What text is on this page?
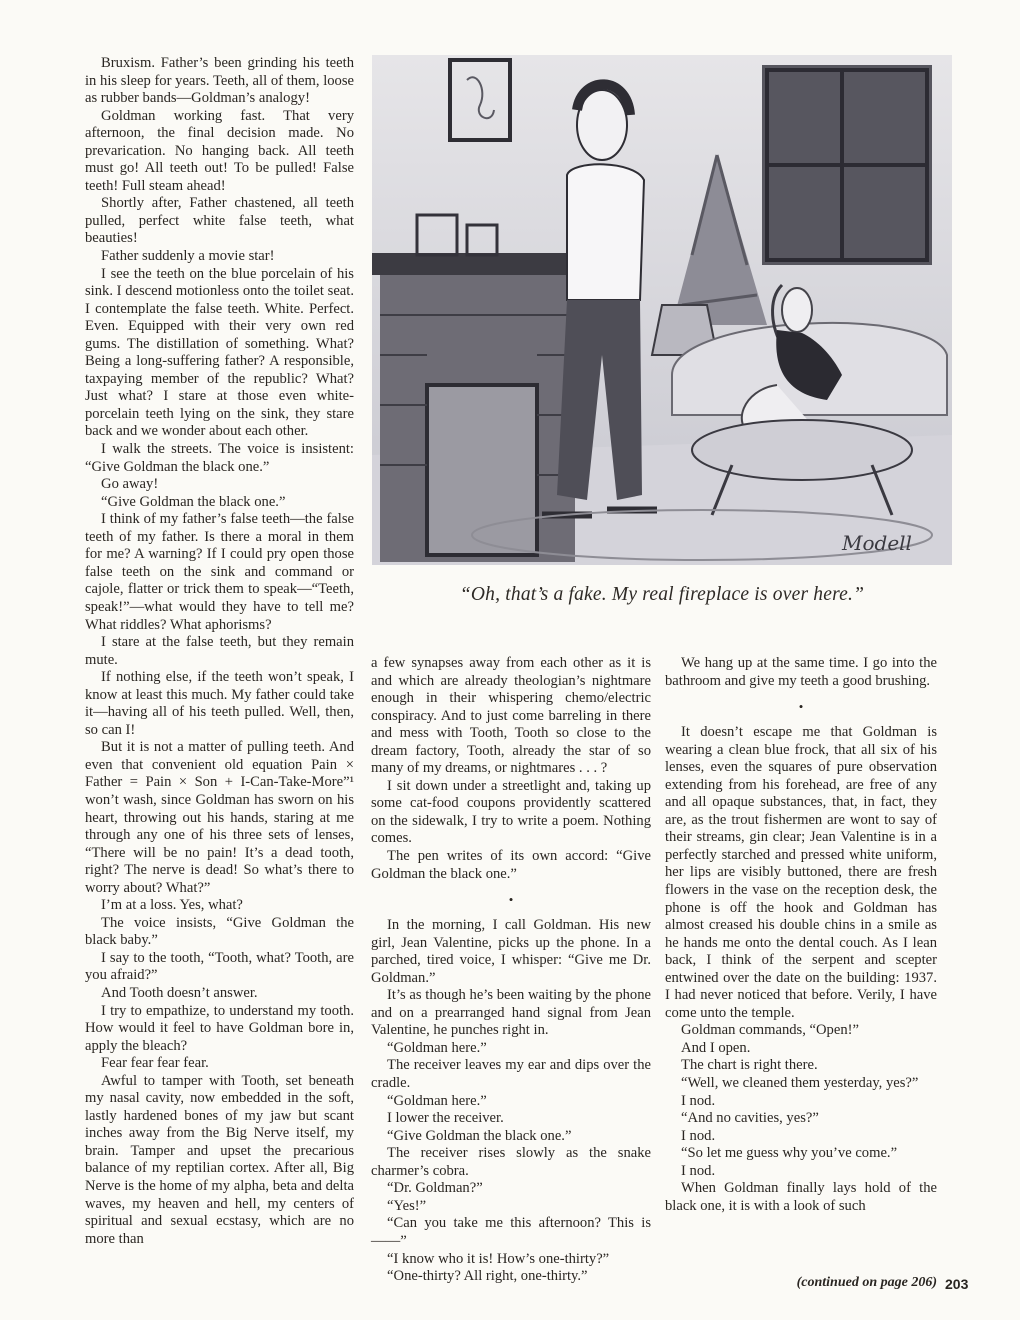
Bruxism. Father’s been grinding his teeth in his sleep for years. Teeth, all of them, loose as rubber bands—Goldman’s analogy!

Goldman working fast. That very afternoon, the final decision made. No prevarication. No hanging back. All teeth must go! All teeth out! To be pulled! False teeth! Full steam ahead!

Shortly after, Father chastened, all teeth pulled, perfect white false teeth, what beauties!

Father suddenly a movie star!

I see the teeth on the blue porcelain of his sink. I descend motionless onto the toilet seat. I contemplate the false teeth. White. Perfect. Even. Equipped with their very own red gums. The distillation of something. What? Being a long-suffering father? A responsible, taxpaying member of the republic? What? Just what? I stare at those even white-porcelain teeth lying on the sink, they stare back and we wonder about each other.

I walk the streets. The voice is insistent: “Give Goldman the black one.”

Go away!

“Give Goldman the black one.”

I think of my father’s false teeth—the false teeth of my father. Is there a moral in them for me? A warning? If I could pry open those false teeth on the sink and command or cajole, flatter or trick them to speak—“Teeth, speak!”—what would they have to tell me? What riddles? What aphorisms?

I stare at the false teeth, but they remain mute.

If nothing else, if the teeth won’t speak, I know at least this much. My father could take it—having all of his teeth pulled. Well, then, so can I!

But it is not a matter of pulling teeth. And even that convenient old equation Pain × Father = Pain × Son + I-Can-Take-More”¹ won’t wash, since Goldman has sworn on his heart, throwing out his hands, staring at me through any one of his three sets of lenses, “There will be no pain! It’s a dead tooth, right? The nerve is dead! So what’s there to worry about? What?”

I’m at a loss. Yes, what?

The voice insists, “Give Goldman the black baby.”

I say to the tooth, “Tooth, what? Tooth, are you afraid?”

And Tooth doesn’t answer.

I try to empathize, to understand my tooth. How would it feel to have Goldman bore in, apply the bleach?

Fear fear fear fear.

Awful to tamper with Tooth, set beneath my nasal cavity, now embedded in the soft, lastly hardened bones of my jaw but scant inches away from the Big Nerve itself, my brain. Tamper and upset the precarious balance of my reptilian cortex. After all, Big Nerve is the home of my alpha, beta and delta waves, my heaven and hell, my centers of spiritual and sexual ecstasy, which are no more than

Modell
“Oh, that’s a fake. My real fireplace is over here.”

a few synapses away from each other as it is and which are already theologian’s nightmare enough in their whispering chemo/electric conspiracy. And to just come barreling in there and mess with Tooth, Tooth so close to the dream factory, Tooth, already the star of so many of my dreams, or nightmares . . . ?

I sit down under a streetlight and, taking up some cat-food coupons providently scattered on the sidewalk, I try to write a poem. Nothing comes.

The pen writes of its own accord: “Give Goldman the black one.”

•

In the morning, I call Goldman. His new girl, Jean Valentine, picks up the phone. In a parched, tired voice, I whisper: “Give me Dr. Goldman.”

It’s as though he’s been waiting by the phone and on a prearranged hand signal from Jean Valentine, he punches right in.

“Goldman here.”

The receiver leaves my ear and dips over the cradle.

“Goldman here.”

I lower the receiver.

“Give Goldman the black one.”

The receiver rises slowly as the snake charmer’s cobra.

“Dr. Goldman?”

“Yes!”

“Can you take me this afternoon? This is——”

“I know who it is! How’s one-thirty?”

“One-thirty? All right, one-thirty.”

We hang up at the same time. I go into the bathroom and give my teeth a good brushing.

•

It doesn’t escape me that Goldman is wearing a clean blue frock, that all six of his lenses, even the squares of pure observation extending from his forehead, are free of any and all opaque substances, that, in fact, they are, as the trout fishermen are wont to say of their streams, gin clear; Jean Valentine is in a perfectly starched and pressed white uniform, her lips are visibly buttoned, there are fresh flowers in the vase on the reception desk, the phone is off the hook and Goldman has almost creased his double chins in a smile as he hands me onto the dental couch. As I lean back, I think of the serpent and scepter entwined over the date on the building: 1937. I had never noticed that before. Verily, I have come unto the temple.

Goldman commands, “Open!”

And I open.

The chart is right there.

“Well, we cleaned them yesterday, yes?”

I nod.

“And no cavities, yes?”

I nod.

“So let me guess why you’ve come.”

I nod.

When Goldman finally lays hold of the black one, it is with a look of such

(continued on page 206) 203
